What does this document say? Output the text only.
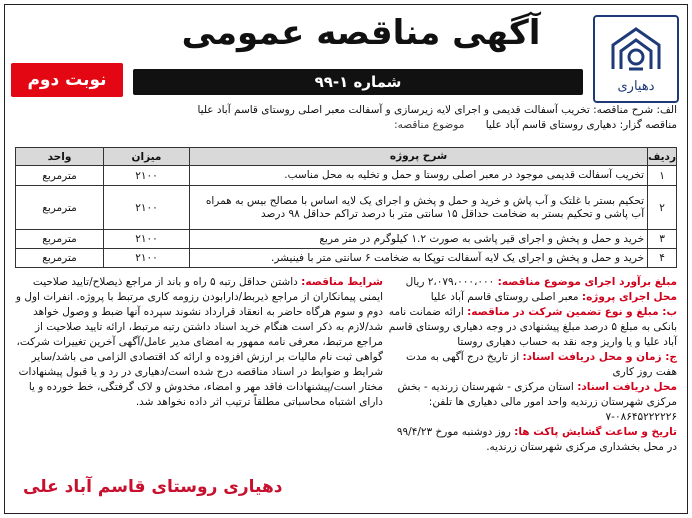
دهیاری
آگهی مناقصه عمومی
نوبت دوم	شماره ۱-۹۹
الف: شرح مناقصه: تخریب آسفالت قدیمی و اجرای لایه زیرسازی و آسفالت معبر اصلی روستای قاسم آباد علیا
مناقصه گزار: دهیاری روستای قاسم آباد علیا موضوع مناقصه:
ردیف	شرح پروژه	میزان	واحد
۱	تخریب آسفالت قدیمی موجود در معبر اصلی روستا و حمل و تخلیه به محل مناسب.	۲۱۰۰	مترمربع
۲	تحکیم بستر با غلتک و آب پاش و خرید و حمل و پخش و اجرای یک لایه اساس با مصالح بیس به همراه آب پاشی و تحکیم بستر به ضخامت حداقل ۱۵ سانتی متر با درصد تراکم حداقل ۹۸ درصد	۲۱۰۰	مترمربع
۳	خرید و حمل و پخش و اجرای قیر پاشی به صورت ۱.۲ کیلوگرم در متر مربع	۲۱۰۰	مترمربع
۴	خرید و حمل و پخش و اجرای یک لایه آسفالت توپکا به ضخامت ۶ سانتی متر با فینیشر.	۲۱۰۰	مترمربع

مبلغ برآورد اجرای موضوع مناقصه: ۲،۰۷۹،۰۰۰،۰۰۰ ریال

محل اجرای پروژه: معبر اصلی روستای قاسم آباد علیا

ب: مبلغ و نوع تضمین شرکت در مناقصه: ارائه ضمانت نامه بانکی به مبلغ ۵ درصد مبلغ پیشنهادی در وجه دهیاری روستای قاسم آباد علیا و یا واریز وجه نقد به حساب دهیاری روستا

ج: زمان و محل دریافت اسناد: از تاریخ درج آگهی به مدت هفت روز کاری

محل دریافت اسناد: استان مرکزی - شهرستان زرندیه - بخش مرکزی شهرستان زرندیه واحد امور مالی دهیاری ها تلفن: ۰۸۶۴۵۲۲۲۲۲۶-۷

تاریخ و ساعت گشایش پاکت ها: روز دوشنبه مورخ ۹۹/۴/۲۳ در محل بخشداری مرکزی شهرستان زرندیه.

شرایط مناقصه: داشتن حداقل رتبه ۵ راه و باند از مراجع ذیصلاح/تایید صلاحیت ایمنی پیمانکاران از مراجع ذیربط/دارابودن رزومه کاری مرتبط با پروژه. انفرات اول و دوم و سوم هرگاه حاضر به انعقاد قرارداد نشوند سپرده آنها ضبط و وصول خواهد شد/لازم به ذکر است هنگام خرید اسناد داشتن رتبه مرتبط، ارائه تایید صلاحیت از مراجع مرتبط، معرفی نامه ممهور به امضای مدیر عامل/آگهی آخرین تغییرات شرکت، گواهی ثبت نام مالیات بر ارزش افزوده و ارائه کد اقتصادی الزامی می باشد/سایر شرایط و ضوابط در اسناد مناقصه درج شده است/دهیاری در رد و یا قبول پیشنهادات مختار است/پیشنهادات فاقد مهر و امضاء، مخدوش و لاک گرفتگی، خط خورده و یا دارای اشتباه محاسباتی مطلقاً ترتیب اثر داده نخواهد شد.

دهیاری روستای قاسم آباد علی
